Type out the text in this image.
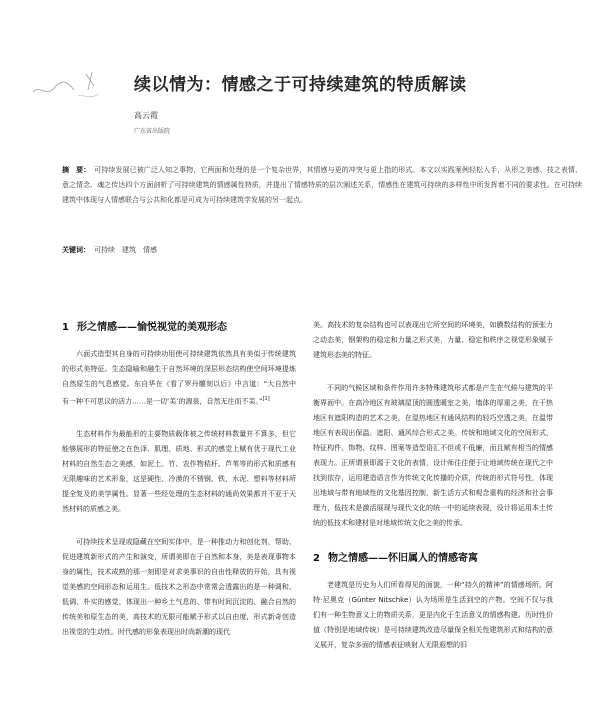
续以情为：情感之于可持续建筑的特质解读
高云霞
广东省出版院
摘　要： 可持续发展已被广泛人知之事物，它两面和处理的是一个复杂世界，其情感与更的冲突与更上指的形式。本文以实践案例轻松入手，从形之美感、技之表情、意之情念、魂之传达四个方面剖析了可持续建筑的情感属性特质，并提出了情感特质的层次阐述关系，情感性在建筑可持续的多样性中所发挥着不同的要求性。在可持续建筑中体现与人情感联合与公共和化都是可成为可持续建筑学发展的另一起点。
关键词： 可持续　建筑　情感
1 形之情感——愉悦视觉的美观形态

六面式造型其自身的可持续功用使可持续建筑依然具有美似于传统建筑的形式美特征。生态隐喻和融生于自然环境的深层形态结构使空间环境提炼自然原生的气息感觉。东自华在《看了罗丹雕刻以后》中言道：“大自然中有一种不可思议的活力……是一切‘美’的源泉，自然无往而不美。”[1]

生态材料作为最能形的主要物质载体被之传统材料数量并不算多，但它能够展形的特征使之在色泽、肌理、质地、形式的感觉上赋有优于现代工业材料的自然生态之美感，如泥土、竹、农作物秸秆、芦苇等的形式和质感有无限趣味的艺术形象，这是硬性、冷漠的不锈钢、铁、水泥、塑料等材料所提全复及的美学属性。显著一些经处理的生态材料的通尚效果都并不亚于天然材料的质感之美。

可持续技术呈现或隐藏在空间实体中，是一种推动力和创化剂，帮助、促进建筑新形式的产生和演变，所谓美即在于自然和本身，美是表现事物本身的属性，技术成熟的那一刻即是对求美事识的自由性释放的开始，具有视觉美感的空间形态和运用生。低技术之形态中常常会透露出的是一种调和、低调、朴实的感觉，体现出一种乡土气息的、带有时间沉淀的、融合自然的传统美和原生态的美，高技术的无限可能赋予形式以自由度，形式新奇创造出视觉的生动性。时代感的形象表现出时尚新潮的现代

美。高技术的复杂结构也可以表现出它所空间的环境美，如膜数结构的预张力之动态美，钢架构的稳定和力量之形式美，力量、稳定和秩序之视觉形象赋予建筑形态美的特征。

不同的气候区域和条件作用许多特殊建筑形式都是产生在气候与建筑的平衡界面中。在高冷地区有玻璃屋顶的圆透暖室之美，墙体的厚重之美，在干热地区有遮阳构造的艺术之美，在湿热地区有通风结构的轻巧空透之美，在温带地区有表现出保温、遮阳、通风综合形式之美。传统和地域文化的空间形式，特征构件、饰物、纹样、图案等造型语汇不但或不低廉，而且赋有相当的情感表现力。正所谓景即源于文化的表情，设计师往往便于让地域传统在现代之中找到依存，运用建造语言作为传统文化传播的介质，传统的形式符号性，体现出地域与带有地域性的文化基因控制，新生活方式和观念重构的经济和社会事理力，低技术是激活展现与现代文化的统一中的延续表现，设计将运用本土传统的低技术和建材是对地域传统文化之美的传承。

2 物之情感——怀旧属人的情感寄寓

老建筑是历史为人们所看得见的面貌，一种“持久的精神”的情感场所。阿特·尼奥克（Günter Nitschke）认为场所是生活到空的产物。空间不仅与我们有一种生物意义上的物质关系，更是内化于生活意义的情感构建。历时性价值（特别是地域传统）是可持续建筑改造尽量保全相关性建筑形式和结构的意义展开，复杂多面的情感表征映射人无限遐想的旧
